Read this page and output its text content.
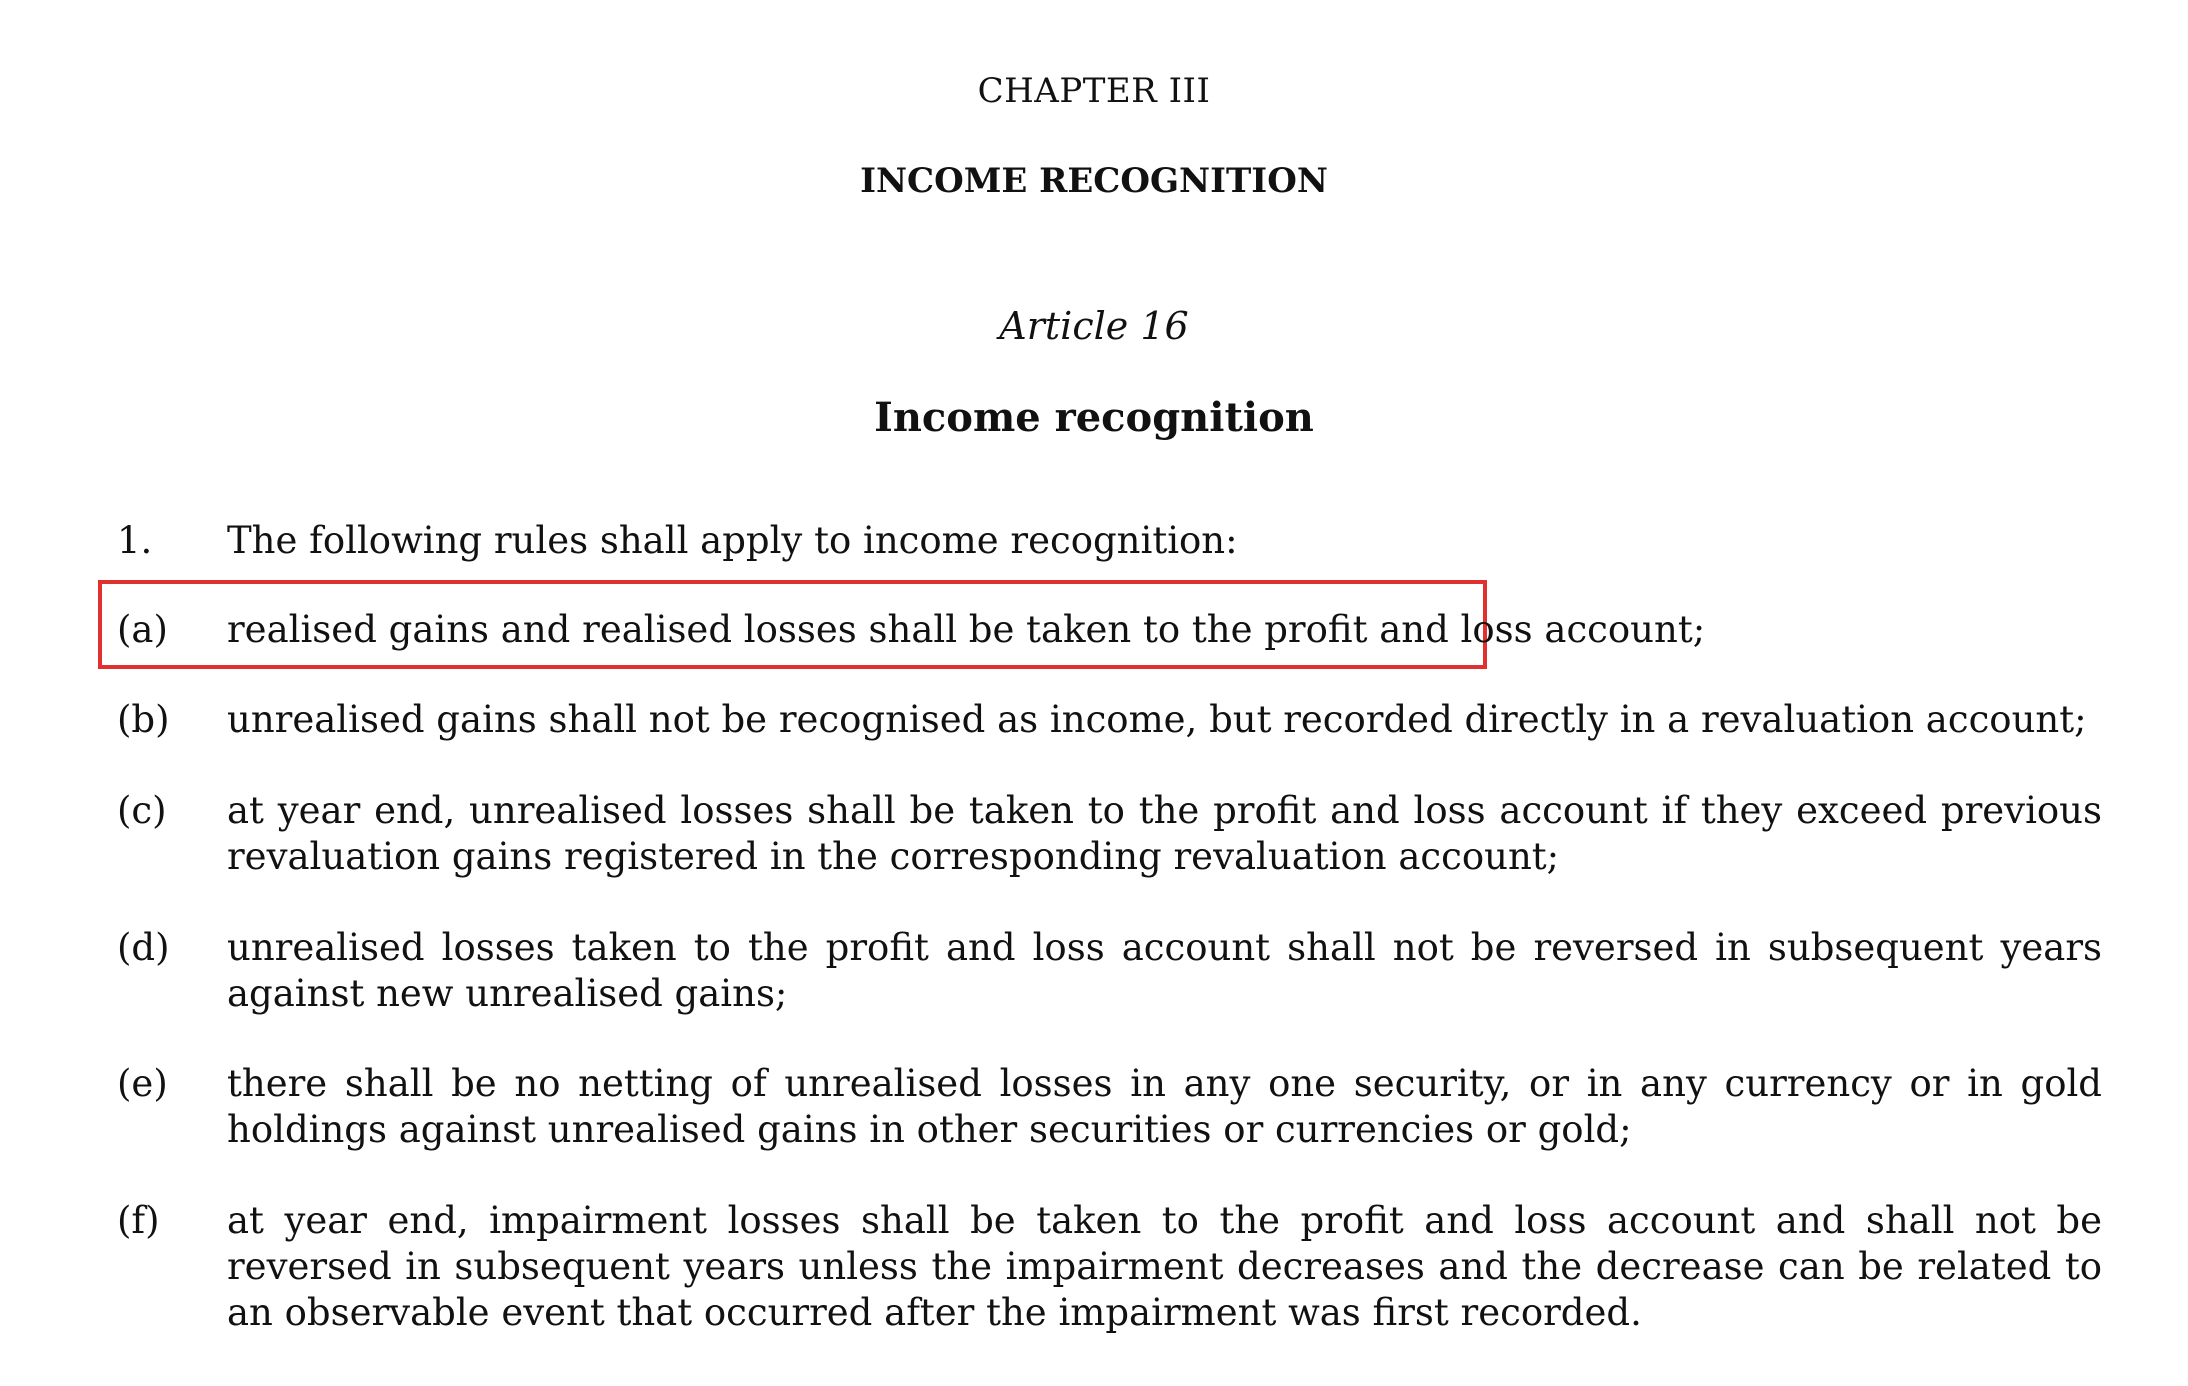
CHAPTER III
INCOME RECOGNITION
Article 16
Income recognition
1. The following rules shall apply to income recognition:
(a) realised gains and realised losses shall be taken to the profit and loss account;
(b) unrealised gains shall not be recognised as income, but recorded directly in a revaluation account;
(c) at year end, unrealised losses shall be taken to the profit and loss account if they exceed previous revaluation gains registered in the corresponding revaluation account;
(d) unrealised losses taken to the profit and loss account shall not be reversed in subsequent years against new unrealised gains;
(e) there shall be no netting of unrealised losses in any one security, or in any currency or in gold holdings against unrealised gains in other securities or currencies or gold;
(f) at year end, impairment losses shall be taken to the profit and loss account and shall not be reversed in subsequent years unless the impairment decreases and the decrease can be related to an observable event that occurred after the impairment was first recorded.
